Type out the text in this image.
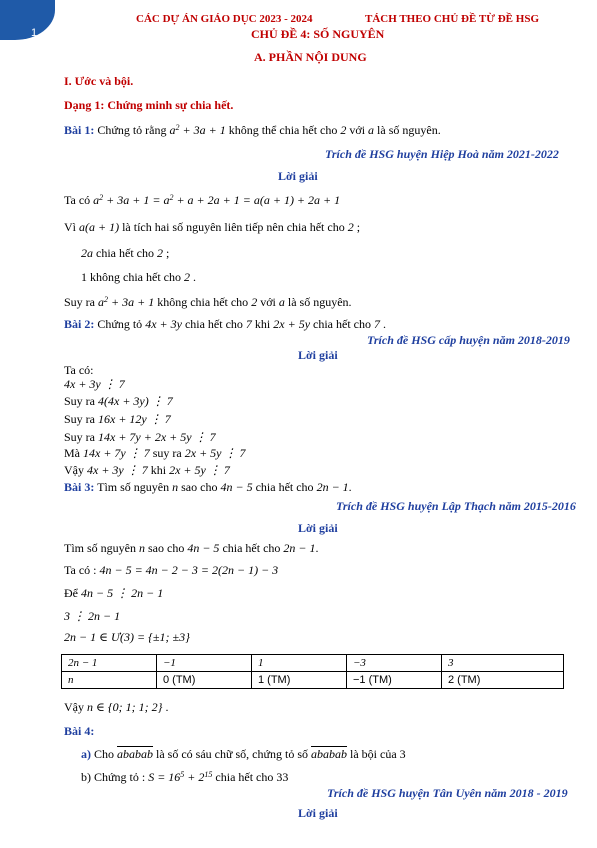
1
CÁC DỰ ÁN GIÁO DỤC 2023 - 2024	TÁCH THEO CHỦ ĐỀ TỪ ĐỀ HSG
CHỦ ĐỀ 4: SỐ NGUYÊN
A. PHẦN NỘI DUNG
I. Ước và bội.
Dạng 1: Chứng minh sự chia hết.
Bài 1: Chứng tỏ rằng $a^2 + 3a + 1$ không thể chia hết cho 2 với a là số nguyên.
Trích đề HSG huyện Hiệp Hoà năm 2021-2022
Lời giải
Ta có $a^2 + 3a + 1 = a^2 + a + 2a + 1 = a(a + 1) + 2a + 1$
Vì a(a + 1) là tích hai số nguyên liên tiếp nên chia hết cho 2 ;
2a chia hết cho 2 ;
1 không chia hết cho 2 .
Suy ra $a^2 + 3a + 1$ không chia hết cho 2 với a là số nguyên.
Bài 2: Chứng tỏ 4x + 3y chia hết cho 7 khi 2x + 5y chia hết cho 7 .
Trích đề HSG cấp huyện năm 2018-2019
Lời giải
Ta có:
4x + 3y ⋮ 7
Suy ra 4(4x + 3y) ⋮ 7
Suy ra 16x + 12y ⋮ 7
Suy ra 14x + 7y + 2x + 5y ⋮ 7
Mà 14x + 7y ⋮ 7 suy ra 2x + 5y ⋮ 7
Vậy 4x + 3y ⋮ 7 khi 2x + 5y ⋮ 7
Bài 3: Tìm số nguyên n sao cho 4n − 5 chia hết cho 2n − 1.
Trích đề HSG huyện Lập Thạch năm 2015-2016
Lời giải
Tìm số nguyên n sao cho 4n − 5 chia hết cho 2n − 1.
Ta có : 4n − 5 = 4n − 2 − 3 = 2(2n − 1) − 3
Để 4n − 5 ⋮ 2n − 1
3 ⋮ 2n − 1
2n − 1 ∈ Ư(3) = {±1; ±3}
2n − 1	−1	1	−3	3
n	0 (TM)	1 (TM)	−1 (TM)	2 (TM)
Vậy n ∈ {0; 1; 1; 2} .
Bài 4:
a) Cho ababab là số có sáu chữ số, chứng tỏ số ababab là bội của 3
b) Chứng tỏ : $S = 16^5 + 2^{15}$ chia hết cho 33
Trích đề HSG huyện Tân Uyên năm 2018 - 2019
Lời giải
